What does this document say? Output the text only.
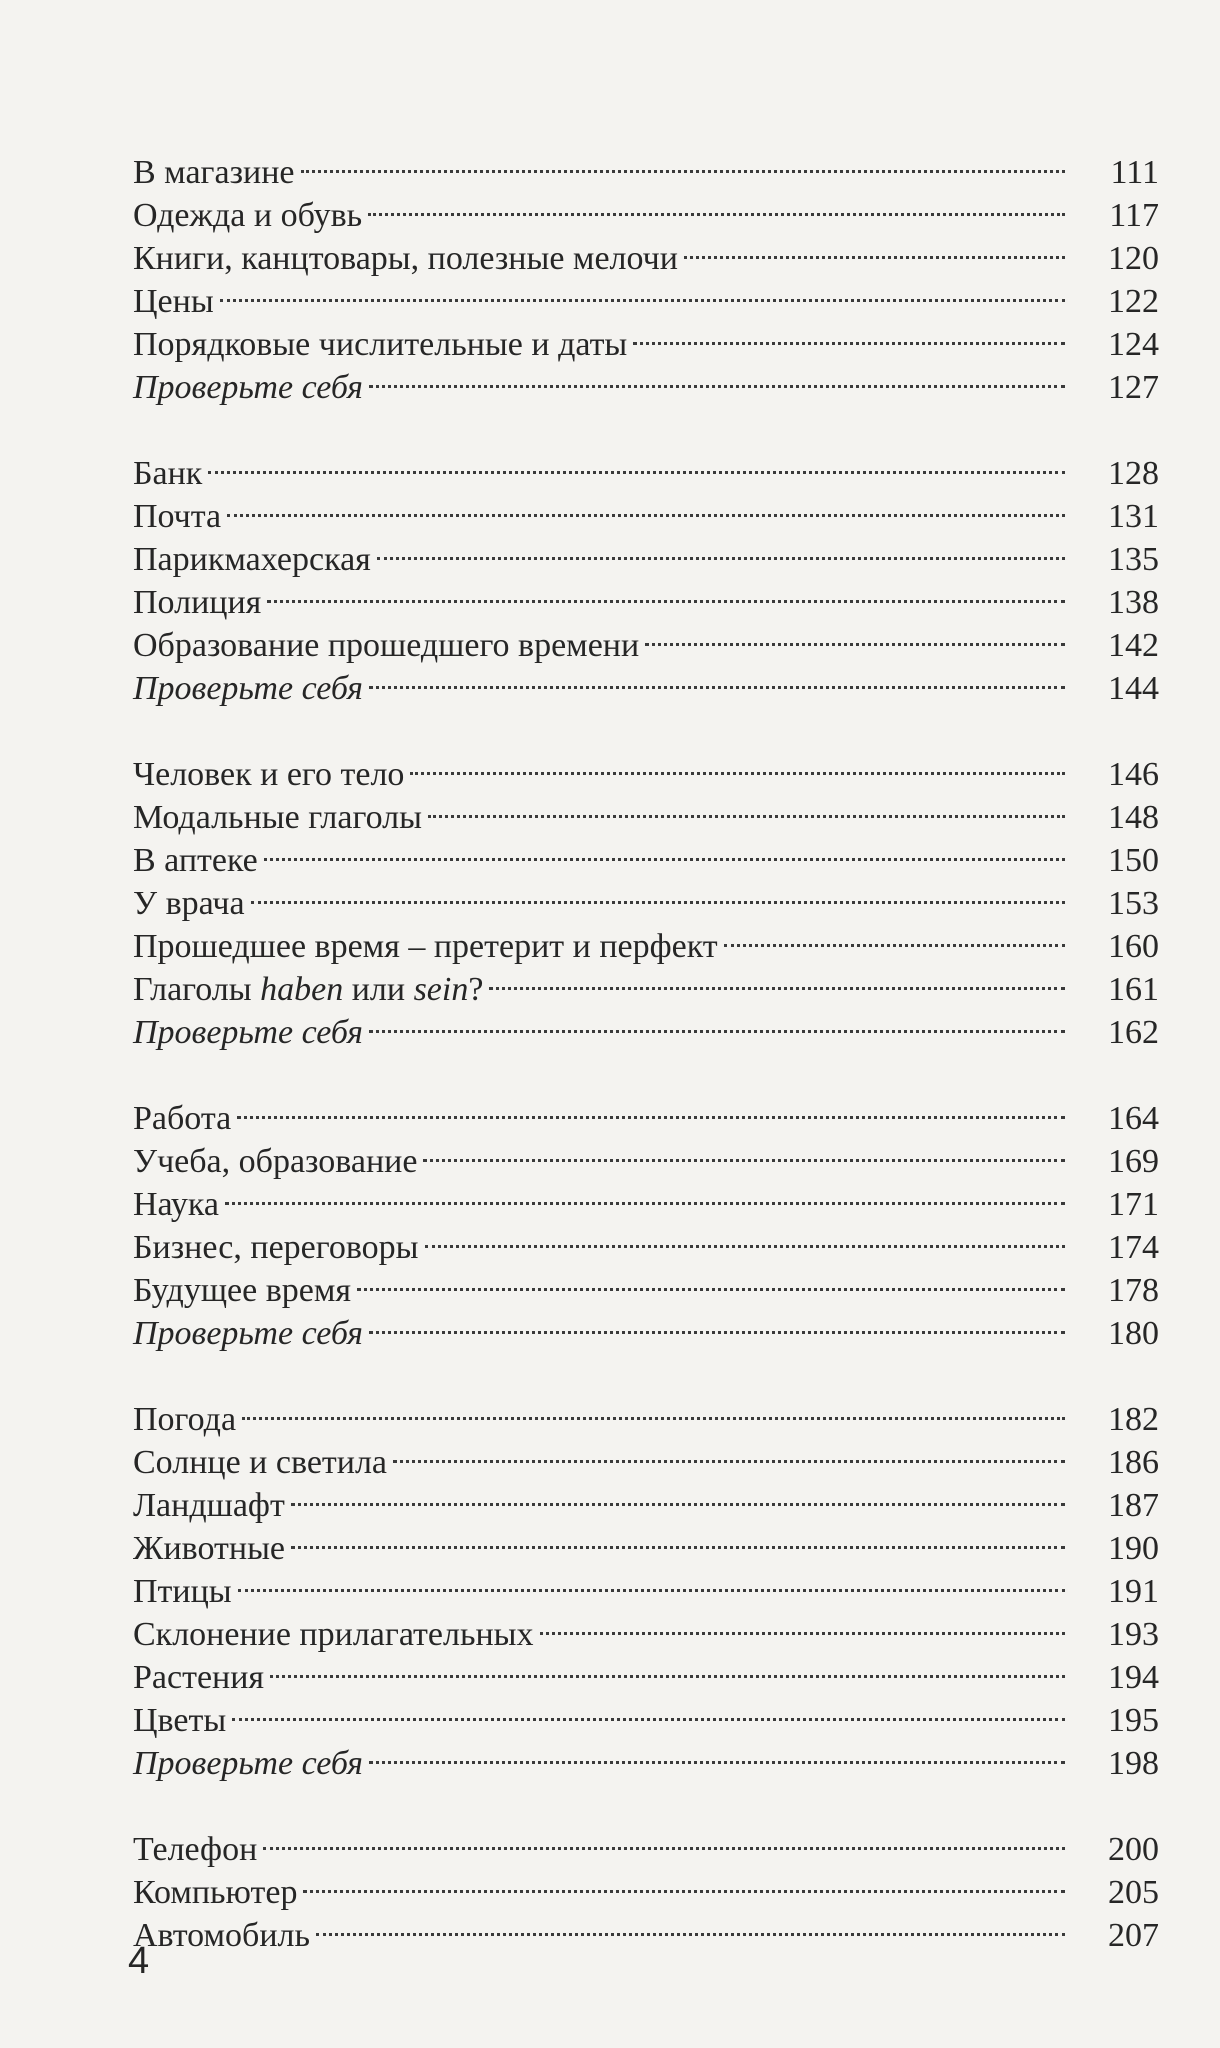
В магазине	111
Одежда и обувь	117
Книги, канцтовары, полезные мелочи	120
Цены	122
Порядковые числительные и даты	124
Проверьте себя	127
Банк	128
Почта	131
Парикмахерская	135
Полиция	138
Образование прошедшего времени	142
Проверьте себя	144
Человек и его тело	146
Модальные глаголы	148
В аптеке	150
У врача	153
Прошедшее время – претерит и перфект	160
Глаголы haben или sein?	161
Проверьте себя	162
Работа	164
Учеба, образование	169
Наука	171
Бизнес, переговоры	174
Будущее время	178
Проверьте себя	180
Погода	182
Солнце и светила	186
Ландшафт	187
Животные	190
Птицы	191
Склонение прилагательных	193
Растения	194
Цветы	195
Проверьте себя	198
Телефон	200
Компьютер	205
Автомобиль	207
4
